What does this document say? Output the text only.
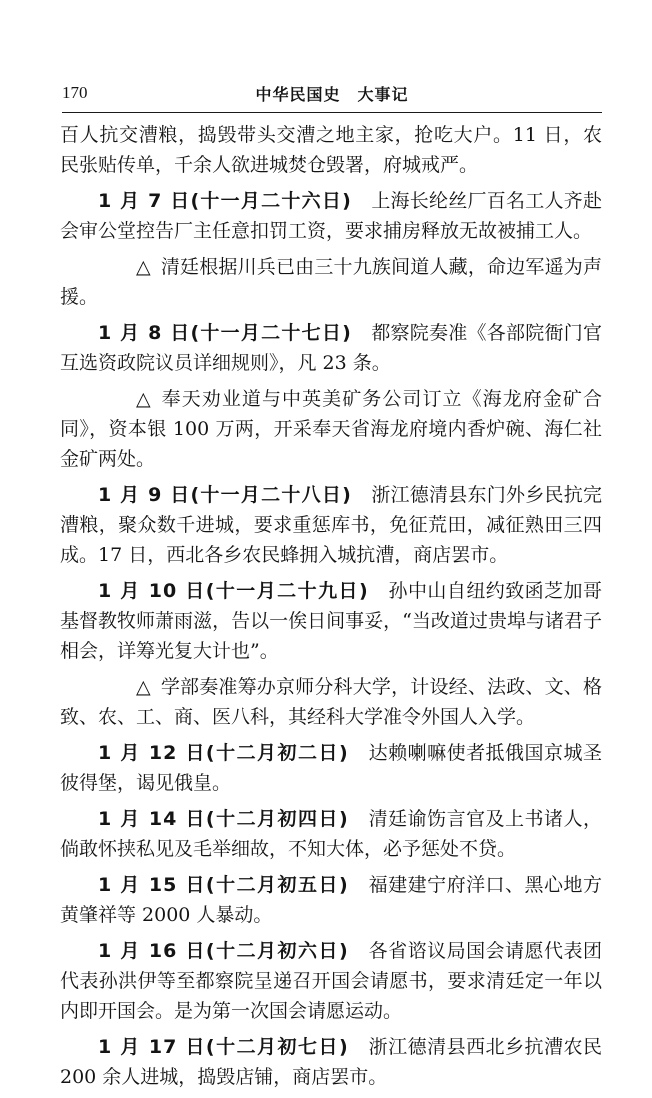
170	中华民国史　大事记

百人抗交漕粮，捣毁带头交漕之地主家，抢吃大户。11 日，农民张贴传单，千余人欲进城焚仓毁署，府城戒严。

1 月 7 日(十一月二十六日)　 上海长纶丝厂百名工人齐赴会审公堂控告厂主任意扣罚工资，要求捕房释放无故被捕工人。

△ 清廷根据川兵已由三十九族间道人藏，命边军遥为声援。

1 月 8 日(十一月二十七日)　 都察院奏准《各部院衙门官互选资政院议员详细规则》，凡 23 条。

△ 奉天劝业道与中英美矿务公司订立《海龙府金矿合同》，资本银 100 万两，开采奉天省海龙府境内香炉碗、海仁社金矿两处。

1 月 9 日(十一月二十八日)　 浙江德清县东门外乡民抗完漕粮，聚众数千进城，要求重惩库书，免征荒田，减征熟田三四成。17 日，西北各乡农民蜂拥入城抗漕，商店罢市。

1 月 10 日(十一月二十九日)　 孙中山自纽约致函芝加哥基督教牧师萧雨滋，告以一俟日间事妥，“当改道过贵埠与诸君子相会，详筹光复大计也”。

△ 学部奏准筹办京师分科大学，计设经、法政、文、格致、农、工、商、医八科，其经科大学准令外国人入学。

1 月 12 日(十二月初二日)　 达赖喇嘛使者抵俄国京城圣彼得堡，谒见俄皇。

1 月 14 日(十二月初四日)　 清廷谕饬言官及上书诸人，倘敢怀挟私见及毛举细故，不知大体，必予惩处不贷。

1 月 15 日(十二月初五日)　 福建建宁府洋口、黑心地方黄肇祥等 2000 人暴动。

1 月 16 日(十二月初六日)　 各省谘议局国会请愿代表团代表孙洪伊等至都察院呈递召开国会请愿书，要求清廷定一年以内即开国会。是为第一次国会请愿运动。

1 月 17 日(十二月初七日)　 浙江德清县西北乡抗漕农民 200 余人进城，捣毁店铺，商店罢市。
